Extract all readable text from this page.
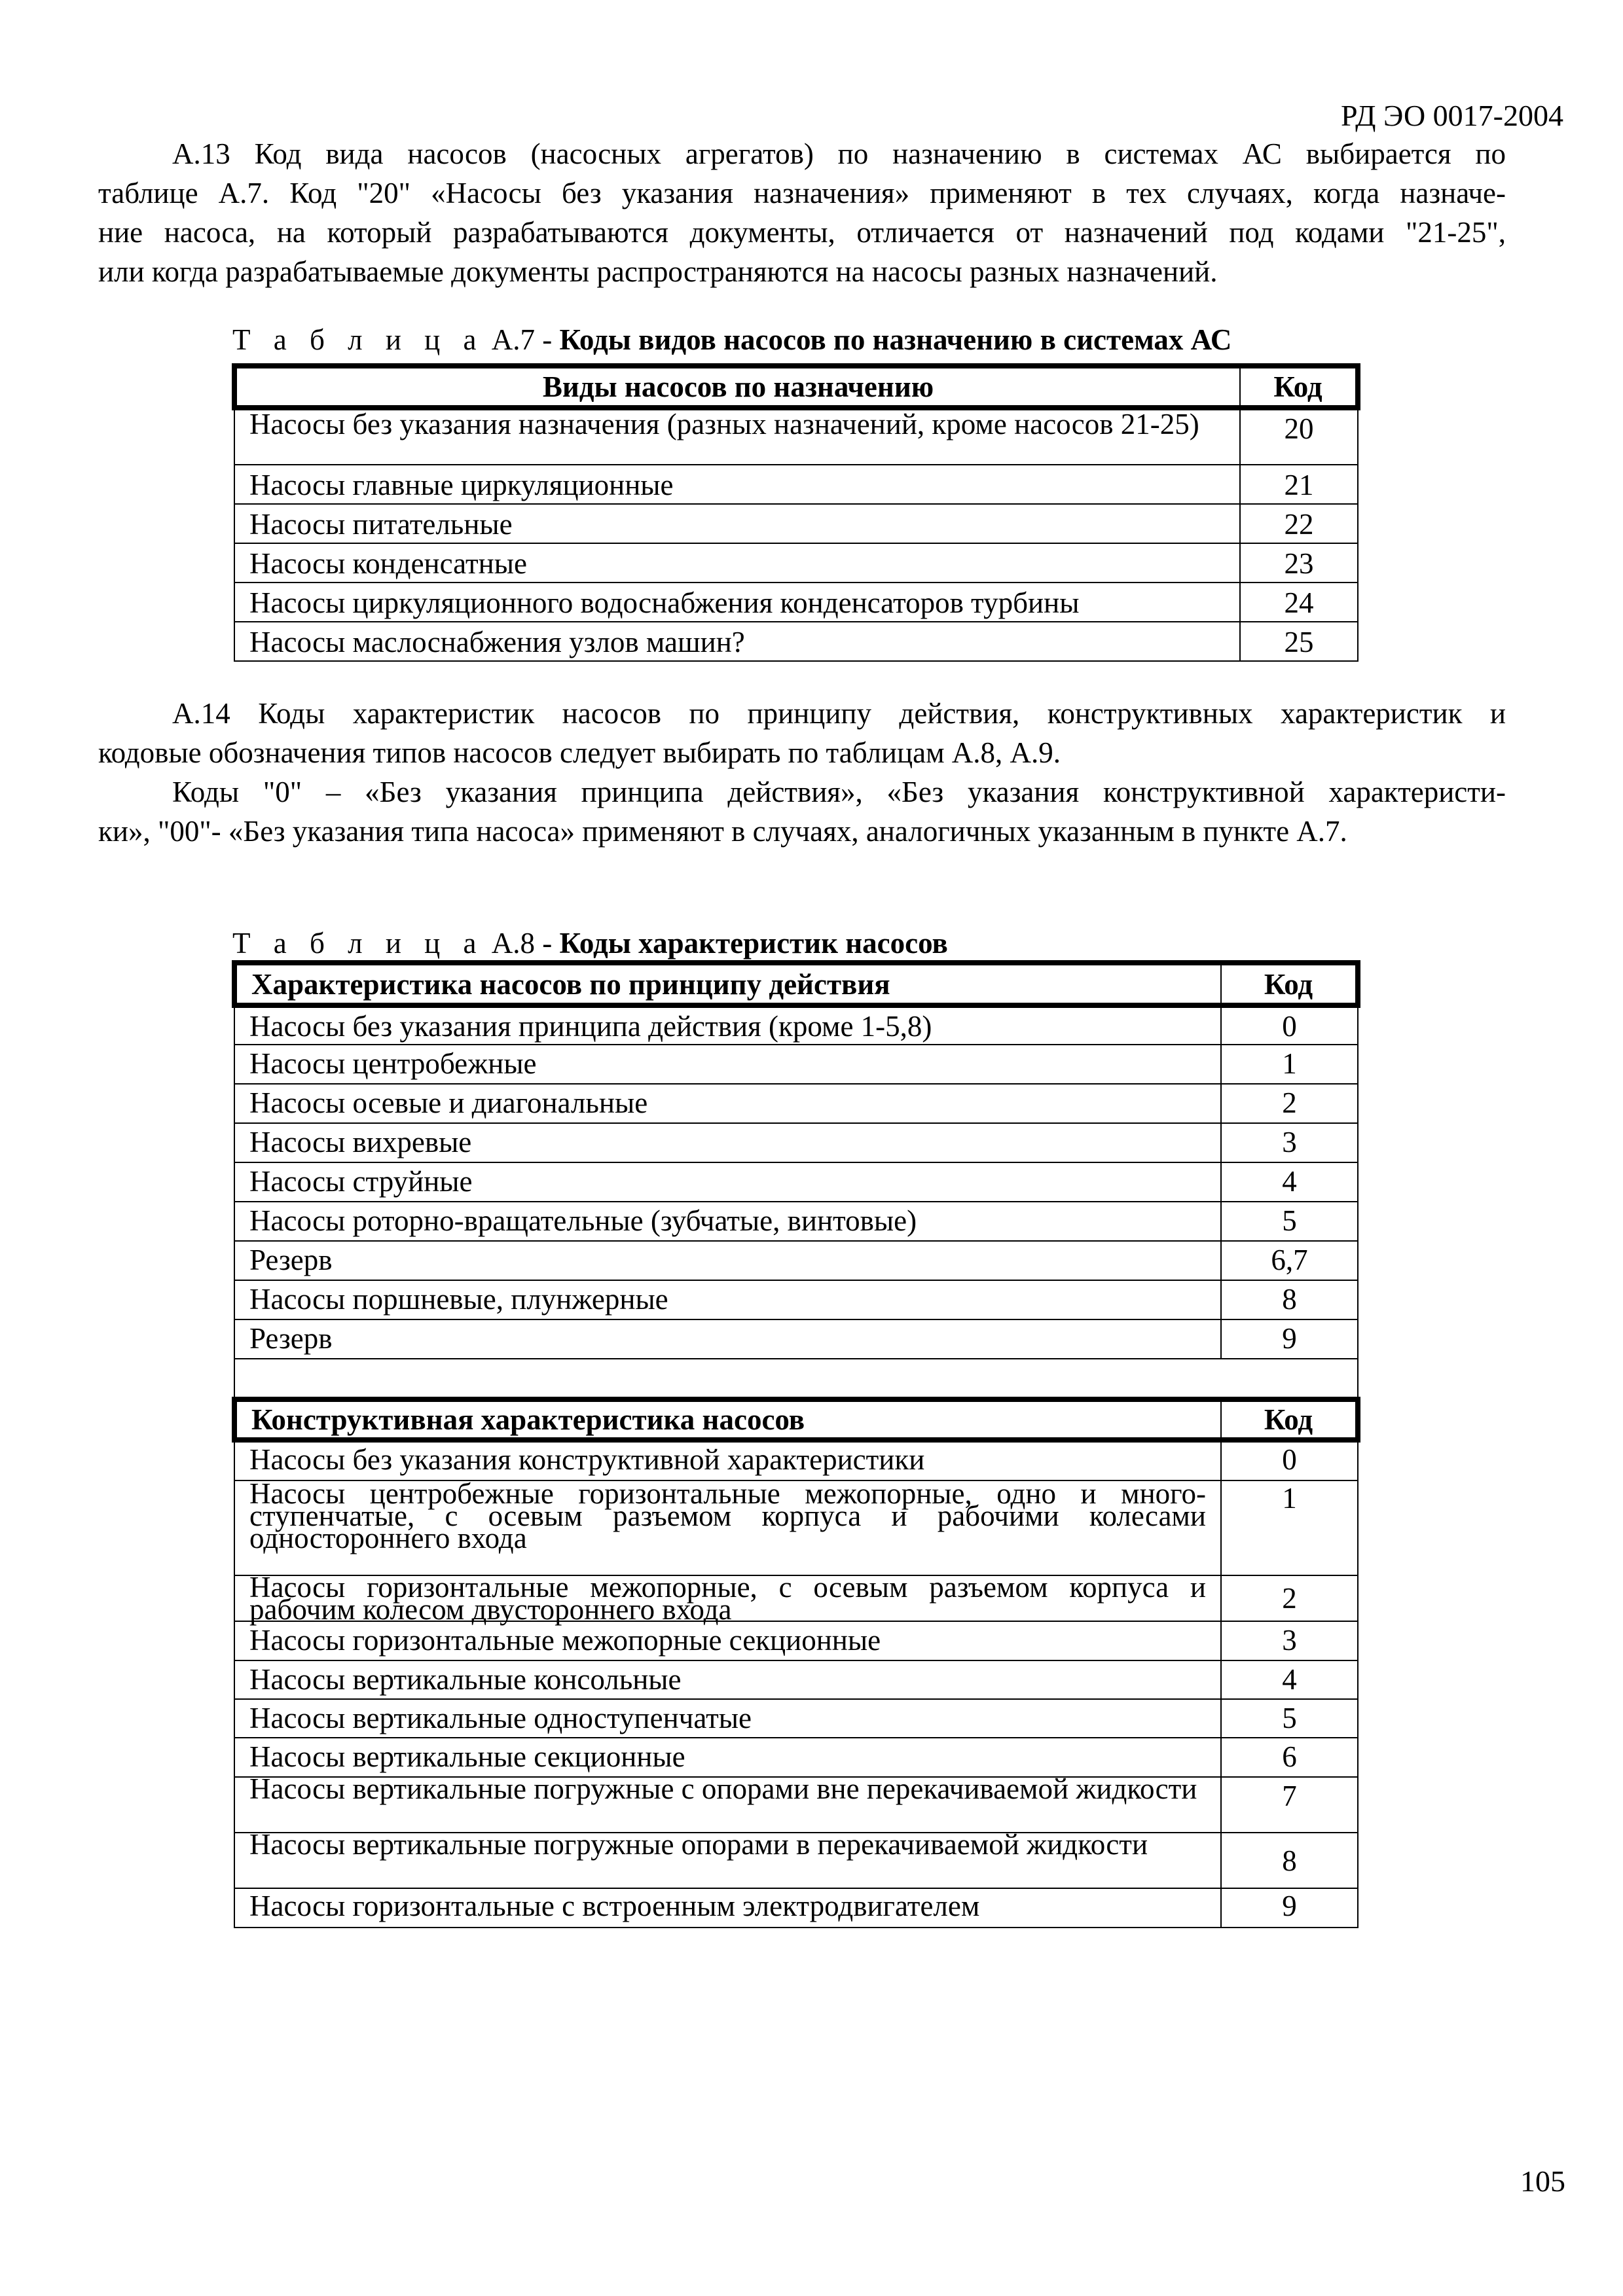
РД ЭО 0017-2004
А.13 Код вида насосов (насосных агрегатов) по назначению в системах АС выбирается по
таблице А.7. Код "20" «Насосы без указания назначения» применяют в тех случаях, когда назначе-
ние насоса, на который разрабатываются документы, отличается от назначений под кодами "21-25",
или когда разрабатываемые документы распространяются на насосы разных назначений.
Т а б л и ц а А.7 - Коды видов насосов по назначению в системах АС
Виды насосов по назначению	Код
Насосы без указания назначения (разных назначений, кроме насосов 21-25)	20
Насосы главные циркуляционные	21
Насосы питательные	22
Насосы конденсатные	23
Насосы циркуляционного водоснабжения конденсаторов турбины	24
Насосы маслоснабжения узлов машин?	25
А.14 Коды характеристик насосов по принципу действия, конструктивных характеристик и
кодовые обозначения типов насосов следует выбирать по таблицам А.8, А.9.
Коды "0" – «Без указания принципа действия», «Без указания конструктивной характеристи-
ки», "00"- «Без указания типа насоса» применяют в случаях, аналогичных указанным в пункте А.7.
Т а б л и ц а А.8 - Коды характеристик насосов
Характеристика насосов по принципу действия	Код
Насосы без указания принципа действия (кроме 1-5,8)	0
Насосы центробежные	1
Насосы осевые и диагональные	2
Насосы вихревые	3
Насосы струйные	4
Насосы роторно-вращательные (зубчатые, винтовые)	5
Резерв	6,7
Насосы поршневые, плунжерные	8
Резерв	9

Конструктивная характеристика насосов	Код
Насосы без указания конструктивной характеристики	0
Насосы центробежные горизонтальные межопорные, одно и много-ступенчатые, с осевым разъемом корпуса и рабочими колесами одностороннего входа	1
Насосы горизонтальные межопорные, с осевым разъемом корпуса и рабочим колесом двустороннего входа	2
Насосы горизонтальные межопорные секционные	3
Насосы вертикальные консольные	4
Насосы вертикальные одноступенчатые	5
Насосы вертикальные секционные	6
Насосы вертикальные погружные с опорами вне перекачиваемой жидкости	7
Насосы вертикальные погружные опорами в перекачиваемой жидкости	8
Насосы горизонтальные с встроенным электродвигателем	9
105
